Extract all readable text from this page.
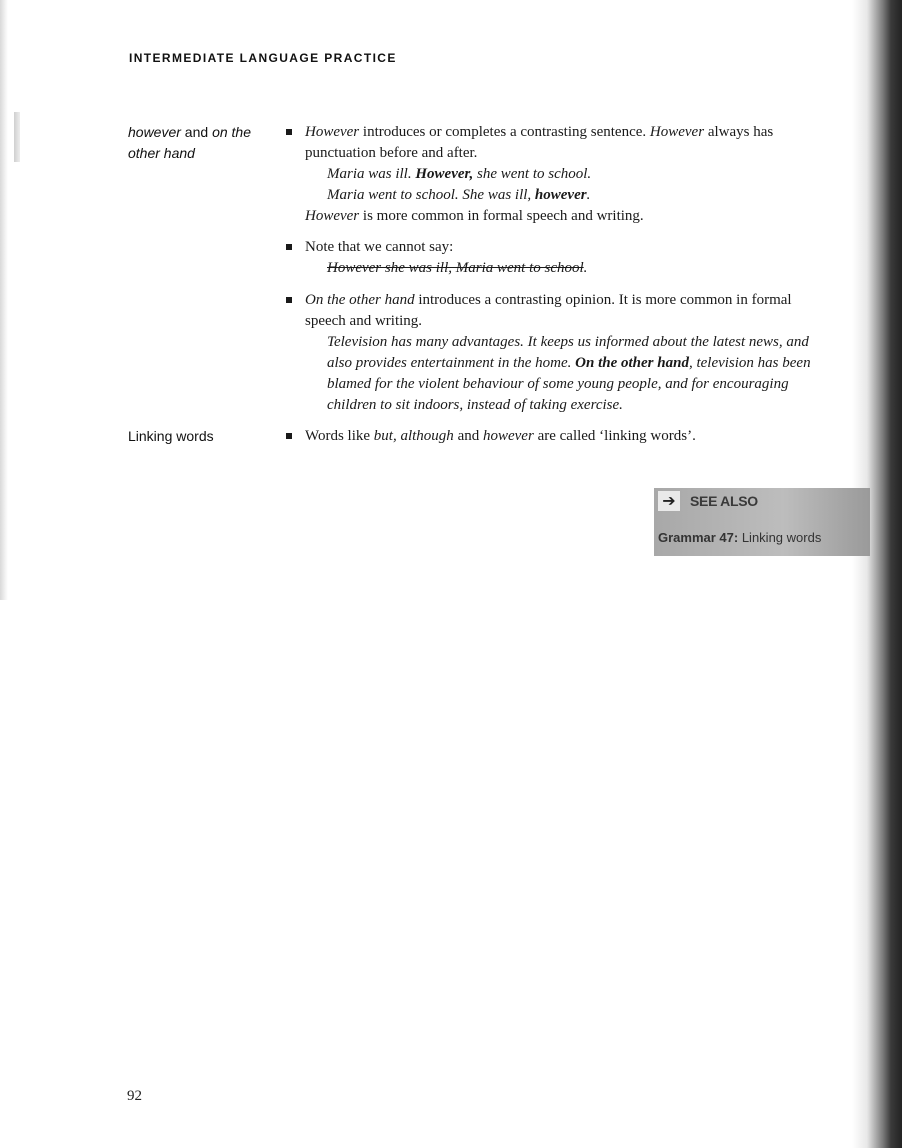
INTERMEDIATE LANGUAGE PRACTICE
however and on the other hand
However introduces or completes a contrasting sentence. However always has punctuation before and after.
Maria was ill. However, she went to school.
Maria went to school. She was ill, however.
However is more common in formal speech and writing.
Note that we cannot say:
However she was ill, Maria went to school.
On the other hand introduces a contrasting opinion. It is more common in formal speech and writing.
Television has many advantages. It keeps us informed about the latest news, and also provides entertainment in the home. On the other hand, television has been blamed for the violent behaviour of some young people, and for encouraging children to sit indoors, instead of taking exercise.
Linking words	Words like but, although and however are called ‘linking words’.
➔	SEE ALSO
Grammar 47: Linking words
92
